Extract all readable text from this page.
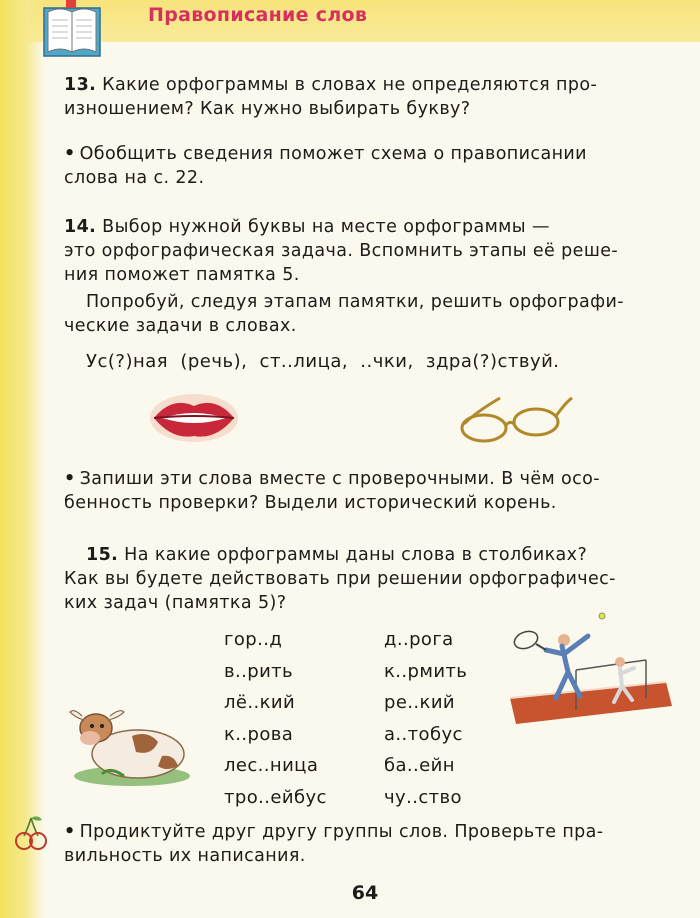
Правописание слов
13. Какие орфограммы в словах не определяются про-
изношением? Как нужно выбирать букву?
• Обобщить сведения поможет схема о правописании
слова на с. 22.
14. Выбор нужной буквы на месте орфограммы —
это орфографическая задача. Вспомнить этапы её реше-
ния поможет памятка 5.
Попробуй, следуя этапам памятки, решить орфографи-
ческие задачи в словах.
Ус(?)ная (речь), ст..лица, ..чки, здра(?)ствуй.
• Запиши эти слова вместе с проверочными. В чём осо-
бенность проверки? Выдели исторический корень.
15. На какие орфограммы даны слова в столбиках?
Как вы будете действовать при решении орфографичес-
ких задач (памятка 5)?
гор..д
в..рить
лё..кий
к..рова
лес..ница
тро..ейбус
д..рога
к..рмить
ре..кий
а..тобус
ба..ейн
чу..ство
• Продиктуйте друг другу группы слов. Проверьте пра-
вильность их написания.
64
